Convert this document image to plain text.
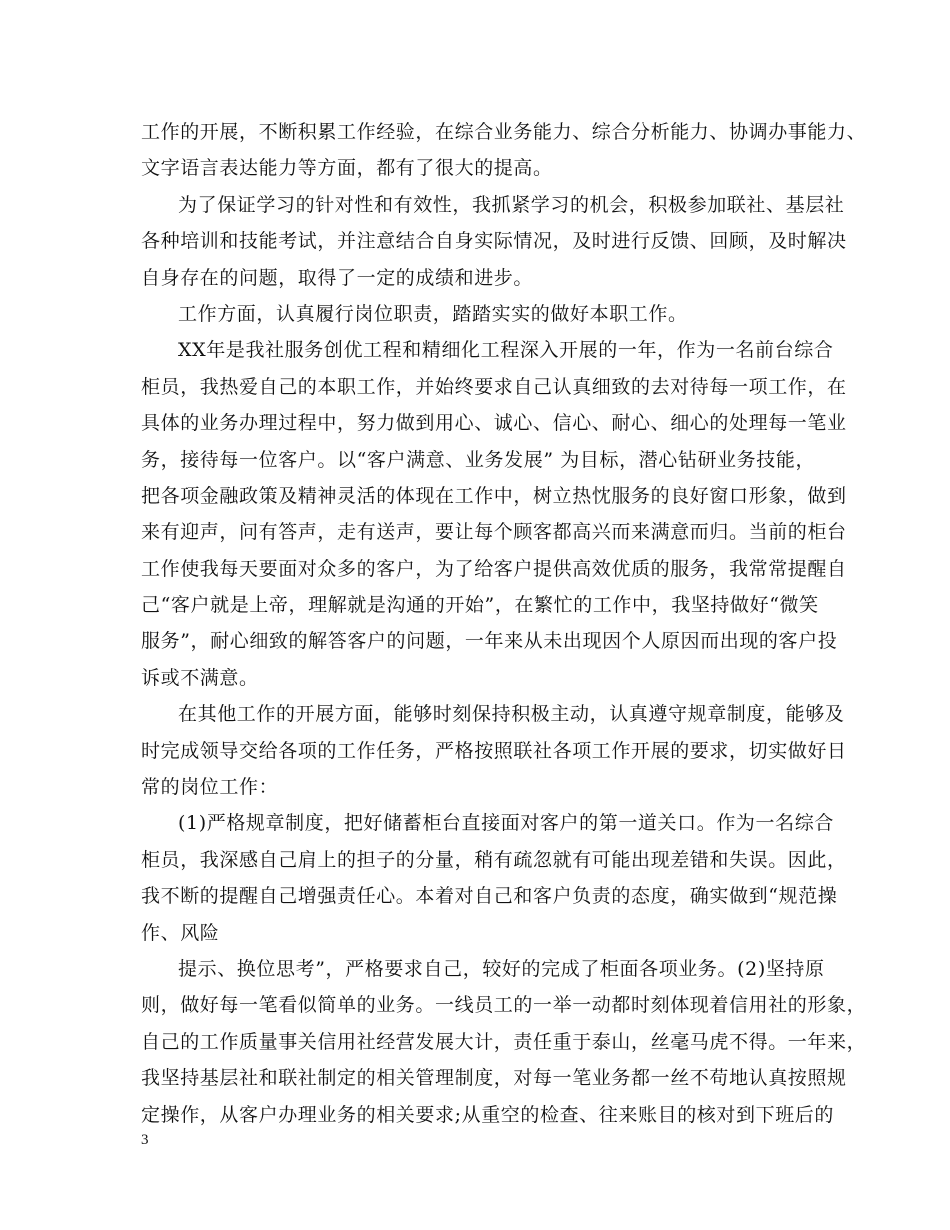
工作的开展，不断积累工作经验，在综合业务能力、综合分析能力、协调办事能力、
文字语言表达能力等方面，都有了很大的提高。
为了保证学习的针对性和有效性，我抓紧学习的机会，积极参加联社、基层社
各种培训和技能考试，并注意结合自身实际情况，及时进行反馈、回顾，及时解决
自身存在的问题，取得了一定的成绩和进步。
工作方面，认真履行岗位职责，踏踏实实的做好本职工作。
XX年是我社服务创优工程和精细化工程深入开展的一年，作为一名前台综合
柜员，我热爱自己的本职工作，并始终要求自己认真细致的去对待每一项工作，在
具体的业务办理过程中，努力做到用心、诚心、信心、耐心、细心的处理每一笔业
务，接待每一位客户。以“客户满意、业务发展” 为目标，潜心钻研业务技能，
把各项金融政策及精神灵活的体现在工作中，树立热忱服务的良好窗口形象，做到
来有迎声，问有答声，走有送声，要让每个顾客都高兴而来满意而归。当前的柜台
工作使我每天要面对众多的客户，为了给客户提供高效优质的服务，我常常提醒自
己“客户就是上帝，理解就是沟通的开始”，在繁忙的工作中，我坚持做好“微笑
服务”，耐心细致的解答客户的问题，一年来从未出现因个人原因而出现的客户投
诉或不满意。
在其他工作的开展方面，能够时刻保持积极主动，认真遵守规章制度，能够及
时完成领导交给各项的工作任务，严格按照联社各项工作开展的要求，切实做好日
常的岗位工作：
(1)严格规章制度，把好储蓄柜台直接面对客户的第一道关口。作为一名综合
柜员，我深感自己肩上的担子的分量，稍有疏忽就有可能出现差错和失误。因此，
我不断的提醒自己增强责任心。本着对自己和客户负责的态度，确实做到“规范操
作、风险
提示、换位思考”，严格要求自己，较好的完成了柜面各项业务。(2)坚持原
则，做好每一笔看似简单的业务。一线员工的一举一动都时刻体现着信用社的形象，
自己的工作质量事关信用社经营发展大计，责任重于泰山，丝毫马虎不得。一年来，
我坚持基层社和联社制定的相关管理制度，对每一笔业务都一丝不苟地认真按照规
定操作，从客户办理业务的相关要求;从重空的检查、往来账目的核对到下班后的
3
